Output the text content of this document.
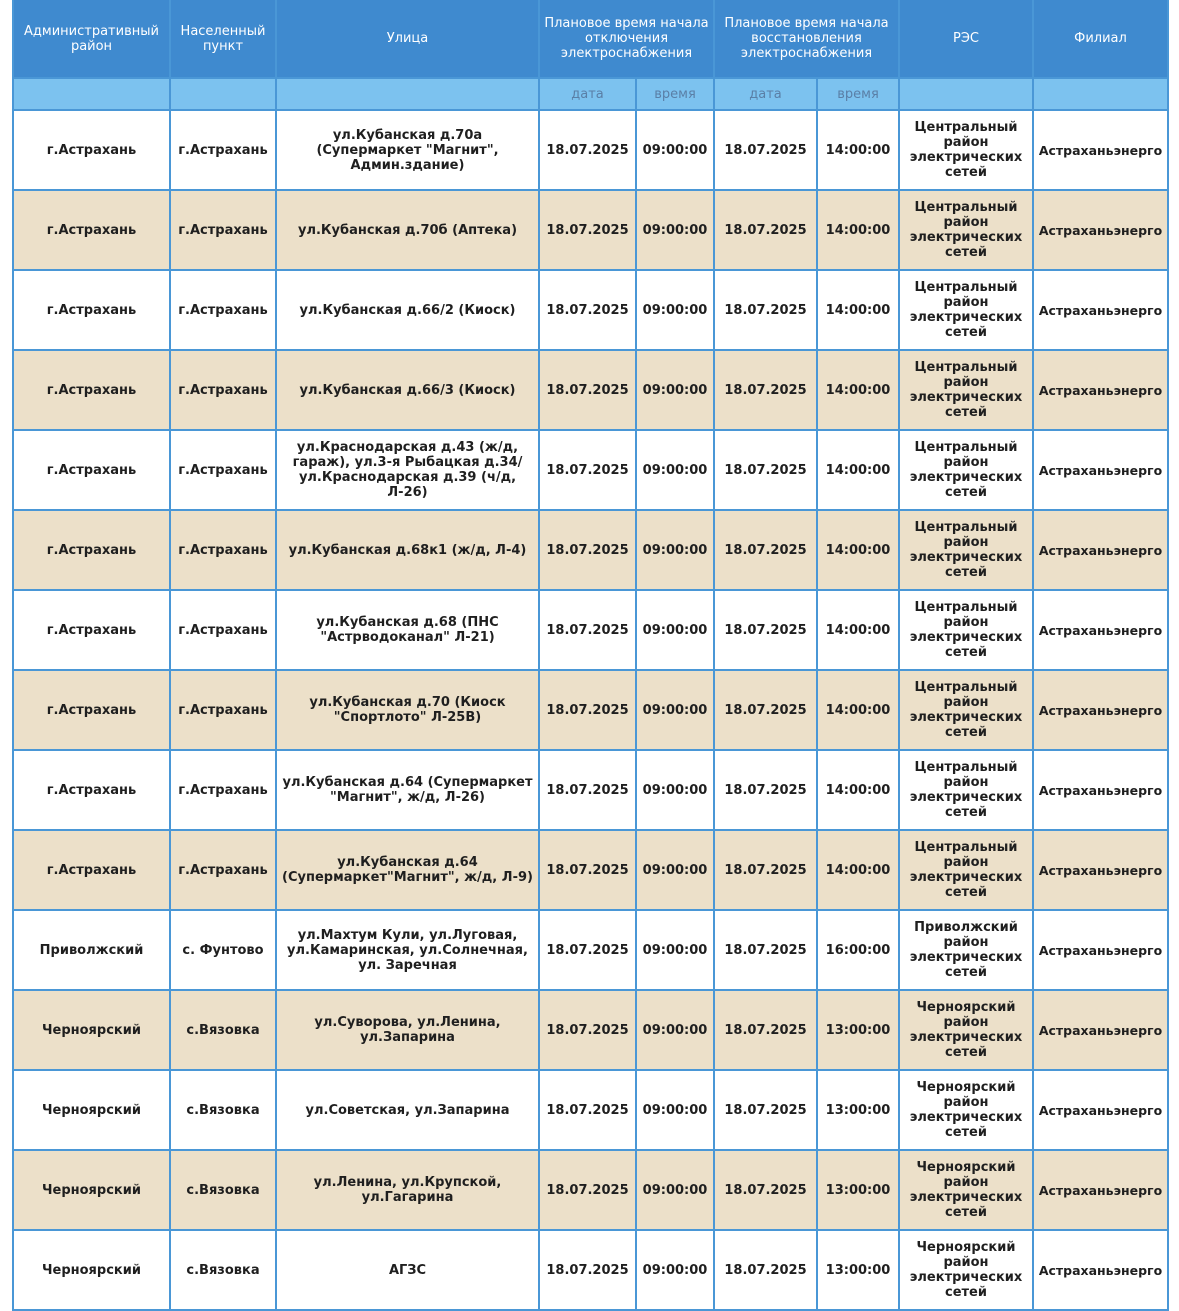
Административный район	Населенный пункт	Улица	Плановое время начала отключения электроснабжения		Плановое время начала восстановления электроснабжения		РЭС	Филиал
			дата	время	дата	время		
г.Астрахань	г.Астрахань	ул.Кубанская д.70а (Супермаркет "Магнит", Админ.здание)	18.07.2025	09:00:00	18.07.2025	14:00:00	Центральный район электрических сетей	Астраханьэнерго
г.Астрахань	г.Астрахань	ул.Кубанская д.70б (Аптека)	18.07.2025	09:00:00	18.07.2025	14:00:00	Центральный район электрических сетей	Астраханьэнерго
г.Астрахань	г.Астрахань	ул.Кубанская д.66/2 (Киоск)	18.07.2025	09:00:00	18.07.2025	14:00:00	Центральный район электрических сетей	Астраханьэнерго
г.Астрахань	г.Астрахань	ул.Кубанская д.66/3 (Киоск)	18.07.2025	09:00:00	18.07.2025	14:00:00	Центральный район электрических сетей	Астраханьэнерго
г.Астрахань	г.Астрахань	ул.Краснодарская д.43 (ж/д, гараж), ул.3-я Рыбацкая д.34/ ул.Краснодарская д.39 (ч/д, Л-26)	18.07.2025	09:00:00	18.07.2025	14:00:00	Центральный район электрических сетей	Астраханьэнерго
г.Астрахань	г.Астрахань	ул.Кубанская д.68к1 (ж/д, Л-4)	18.07.2025	09:00:00	18.07.2025	14:00:00	Центральный район электрических сетей	Астраханьэнерго
г.Астрахань	г.Астрахань	ул.Кубанская д.68 (ПНС "Астрводоканал" Л-21)	18.07.2025	09:00:00	18.07.2025	14:00:00	Центральный район электрических сетей	Астраханьэнерго
г.Астрахань	г.Астрахань	ул.Кубанская д.70 (Киоск "Спортлото" Л-25В)	18.07.2025	09:00:00	18.07.2025	14:00:00	Центральный район электрических сетей	Астраханьэнерго
г.Астрахань	г.Астрахань	ул.Кубанская д.64 (Супермаркет "Магнит", ж/д, Л-26)	18.07.2025	09:00:00	18.07.2025	14:00:00	Центральный район электрических сетей	Астраханьэнерго
г.Астрахань	г.Астрахань	ул.Кубанская д.64 (Супермаркет"Магнит", ж/д, Л-9)	18.07.2025	09:00:00	18.07.2025	14:00:00	Центральный район электрических сетей	Астраханьэнерго
Приволжский	с. Фунтово	ул.Махтум Кули, ул.Луговая, ул.Камаринская, ул.Солнечная, ул. Заречная	18.07.2025	09:00:00	18.07.2025	16:00:00	Приволжский район электрических сетей	Астраханьэнерго
Черноярский	с.Вязовка	ул.Суворова, ул.Ленина, ул.Запарина	18.07.2025	09:00:00	18.07.2025	13:00:00	Черноярский район электрических сетей	Астраханьэнерго
Черноярский	с.Вязовка	ул.Советская, ул.Запарина	18.07.2025	09:00:00	18.07.2025	13:00:00	Черноярский район электрических сетей	Астраханьэнерго
Черноярский	с.Вязовка	ул.Ленина, ул.Крупской, ул.Гагарина	18.07.2025	09:00:00	18.07.2025	13:00:00	Черноярский район электрических сетей	Астраханьэнерго
Черноярский	с.Вязовка	АГЗС	18.07.2025	09:00:00	18.07.2025	13:00:00	Черноярский район электрических сетей	Астраханьэнерго
